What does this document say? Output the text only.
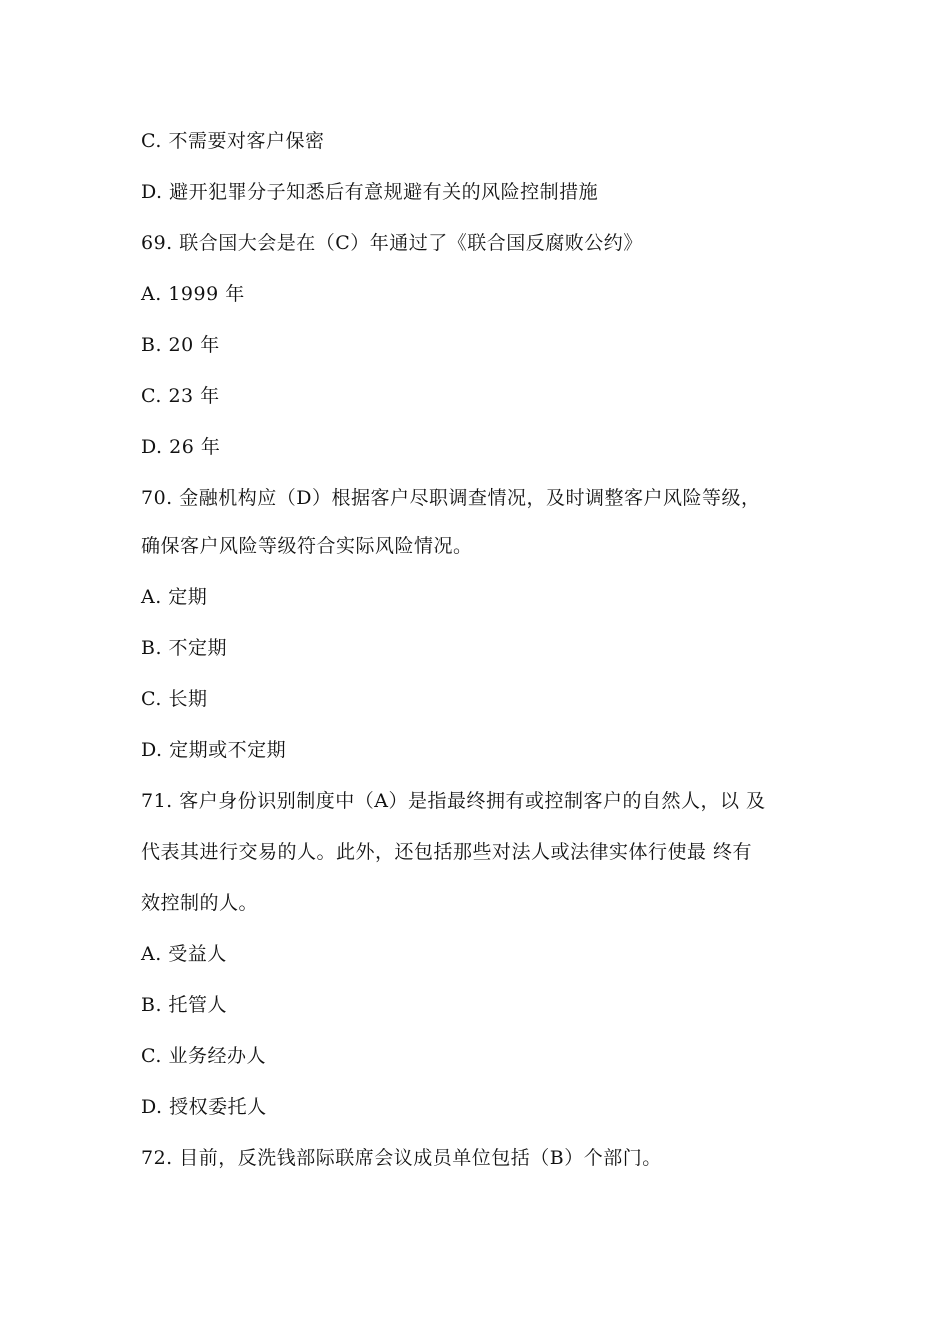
C. 不需要对客户保密
D. 避开犯罪分子知悉后有意规避有关的风险控制措施
69. 联合国大会是在（C）年通过了《联合国反腐败公约》
A. 1999 年
B. 20 年
C. 23 年
D. 26 年
70. 金融机构应（D）根据客户尽职调查情况，及时调整客户风险等级，
确保客户风险等级符合实际风险情况。
A. 定期
B. 不定期
C. 长期
D. 定期或不定期
71. 客户身份识别制度中（A）是指最终拥有或控制客户的自然人，以 及
代表其进行交易的人。此外，还包括那些对法人或法律实体行使最 终有
效控制的人。
A. 受益人
B. 托管人
C. 业务经办人
D. 授权委托人
72. 目前，反洗钱部际联席会议成员单位包括（B）个部门。
